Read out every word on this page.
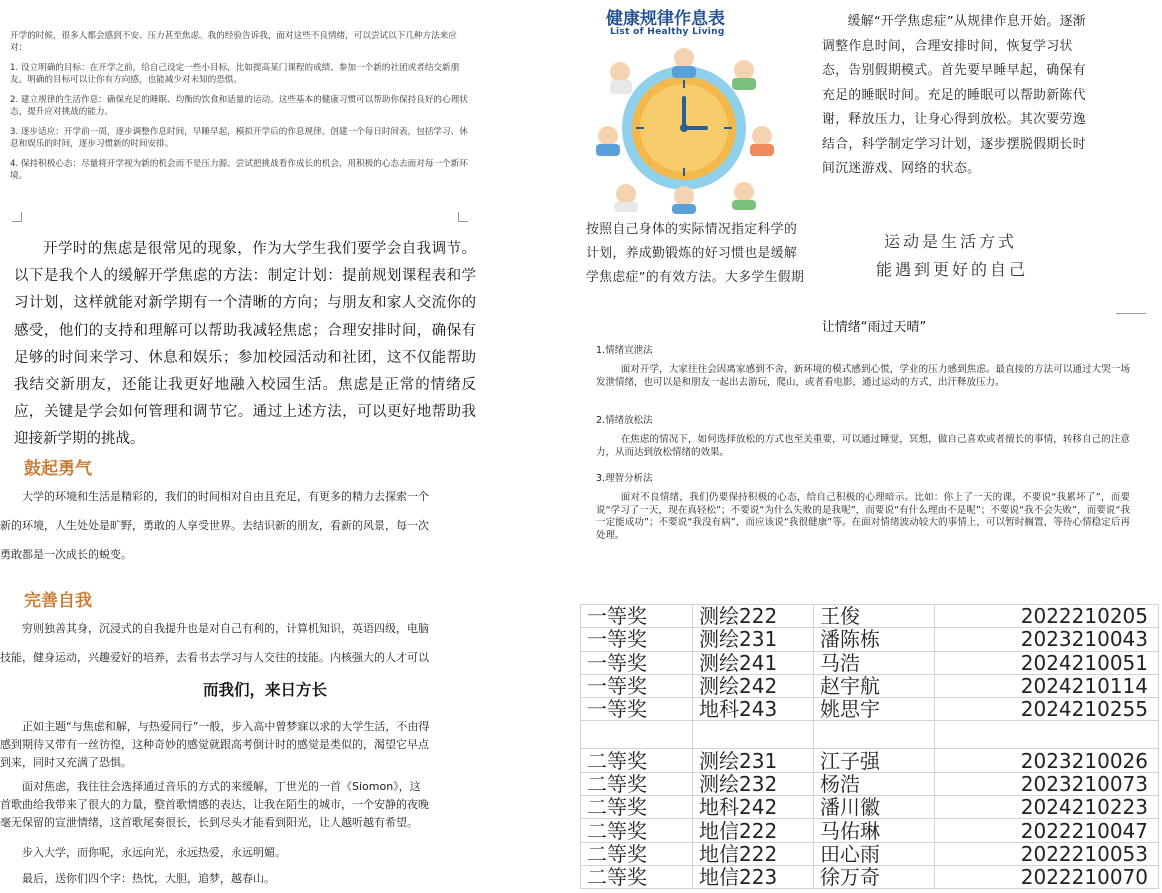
开学的时候，很多人都会感到不安、压力甚至焦虑。我的经验告诉我，面对这些不良情绪，可以尝试以下几种方法来应对：

1. 设立明确的目标：在开学之前，给自己设定一些小目标，比如提高某门课程的成绩、参加一个新的社团或者结交新朋友。明确的目标可以让你有方向感，也能减少对未知的恐惧。

2. 建立规律的生活作息：确保充足的睡眠、均衡的饮食和适量的运动。这些基本的健康习惯可以帮助你保持良好的心理状态，提升应对挑战的能力。

3. 逐步适应：开学前一周，逐步调整作息时间，早睡早起，模拟开学后的作息规律。创建一个每日时间表，包括学习、休息和娱乐的时间，逐步习惯新的时间安排。

4. 保持积极心态：尽量将开学视为新的机会而不是压力源。尝试把挑战看作成长的机会，用积极的心态去面对每一个新环境。

开学时的焦虑是很常见的现象，作为大学生我们要学会自我调节。以下是我个人的缓解开学焦虑的方法：制定计划：提前规划课程表和学习计划，这样就能对新学期有一个清晰的方向；与朋友和家人交流你的感受，他们的支持和理解可以帮助我减轻焦虑；合理安排时间，确保有足够的时间来学习、休息和娱乐；参加校园活动和社团，这不仅能帮助我结交新朋友，还能让我更好地融入校园生活。焦虑是正常的情绪反应，关键是学会如何管理和调节它。通过上述方法，可以更好地帮助我迎接新学期的挑战。
鼓起勇气
　　大学的环境和生活是精彩的，我们的时间相对自由且充足，有更多的精力去探索一个
新的环境，人生处处是旷野，勇敢的人享受世界。去结识新的朋友，看新的风景，每一次
勇敢都是一次成长的蜕变。
完善自我
　　穷则独善其身，沉浸式的自我提升也是对自己有利的，计算机知识，英语四级，电脑
技能，健身运动，兴趣爱好的培养，去看书去学习与人交往的技能。内核强大的人才可以
而我们，来日方长
　　正如主题“与焦虑和解，与热爱同行”一般，步入高中曾梦寐以求的大学生活，不由得
感到期待又带有一丝彷徨，这种奇妙的感觉就跟高考倒计时的感觉是类似的，渴望它早点
到来，同时又充满了恐惧。
　　面对焦虑，我往往会选择通过音乐的方式的来缓解，丁世光的一首《Siomon》，这
首歌曲给我带来了很大的力量，整首歌情感的表达，让我在陌生的城市，一个安静的夜晚
毫无保留的宣泄情绪，这首歌尾奏很长，长到尽头才能看到阳光，让人越听越有希望。
　　步入大学，而你呢，永远向光，永远热爱，永远明媚。
　　最后，送你们四个字：热忱，大胆，追梦，越春山。
健康规律作息表
List of Healthy Living
缓解“开学焦虑症”从规律作息开始。逐渐调整作息时间，合理安排时间，恢复学习状态，告别假期模式。首先要早睡早起，确保有充足的睡眠时间。充足的睡眠可以帮助新陈代谢，释放压力，让身心得到放松。其次要劳逸结合，科学制定学习计划，逐步摆脱假期长时间沉迷游戏、网络的状态。
按照自己身体的实际情况指定科学的
计划，养成勤锻炼的好习惯也是缓解
学焦虑症”的有效方法。大多学生假期
运动是生活方式
能遇到更好的自己
让情绪“雨过天晴”
1.情绪宣泄法
面对开学，大家往往会因离家感到不舍，新环境的模式感到心慌，学业的压力感到焦虑。最直接的方法可以通过大哭一场发泄情绪，也可以是和朋友一起出去游玩，爬山，或者看电影，通过运动的方式，出汗释放压力。
2.情绪放松法
在焦虑的情况下，如何选择放松的方式也至关重要，可以通过睡觉，冥想，做自己喜欢或者擅长的事情，转移自己的注意力，从而达到放松情绪的效果。
3.理智分析法
面对不良情绪，我们仍要保持积极的心态，给自己积极的心理暗示。比如：你上了一天的课，不要说“我累坏了”，而要说“学习了一天，现在真轻松”；不要说“为什么失败的是我呢”，而要说“有什么理由不是呢”；不要说“我不会失败”，而要说“我一定能成功”；不要说“我没有病”，而应该说“我很健康”等。在面对情绪波动较大的事情上，可以暂时搁置，等待心情稳定后再处理。
一等奖	测绘222	王俊	2022210205
一等奖	测绘231	潘陈栋	2023210043
一等奖	测绘241	马浩	2024210051
一等奖	测绘242	赵宇航	2024210114
一等奖	地科243	姚思宇	2024210255

二等奖	测绘231	江子强	2023210026
二等奖	测绘232	杨浩	2023210073
二等奖	地科242	潘川徽	2024210223
二等奖	地信222	马佑琳	2022210047
二等奖	地信222	田心雨	2022210053
二等奖	地信223	徐万奇	2022210070
